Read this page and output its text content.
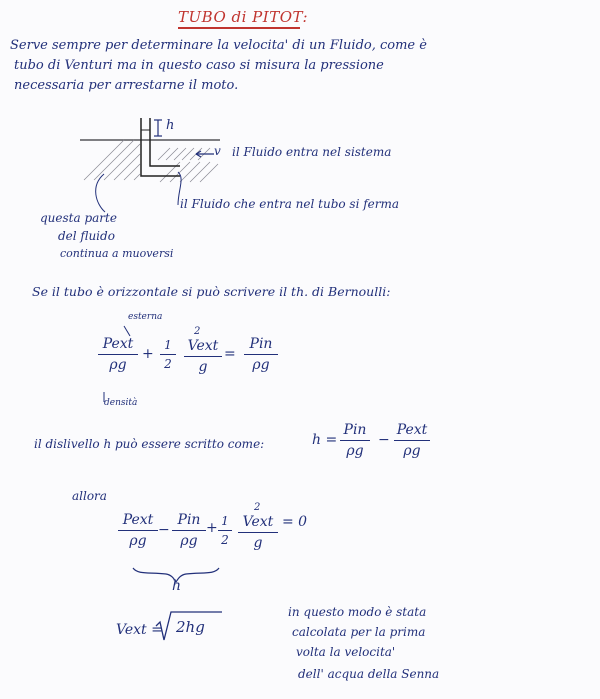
TUBO di PITOT:
Serve sempre per determinare la velocita' di un Fluido, come è
tubo di Venturi ma in questo caso si misura la pressione
necessaria per arrestarne il moto.
h
v il Fluido entra nel sistema
il Fluido che entra nel tubo si ferma
questa parte
del fluido
continua a muoversi
Se il tubo è orizzontale si può scrivere il th. di Bernoulli:
esterna
Pext
ρg
+
1
2
2
Vext
g
=
Pin
ρg
densità
il dislivello h può essere scritto come:	h =
Pin
ρg
−
Pext
ρg
allora
Pext
ρg
−
Pin
ρg
+ 1
2
2
Vext
g
= 0
h
Vext = 2hg
in questo modo è stata
calcolata per la prima
volta la velocita'
dell' acqua della Senna
